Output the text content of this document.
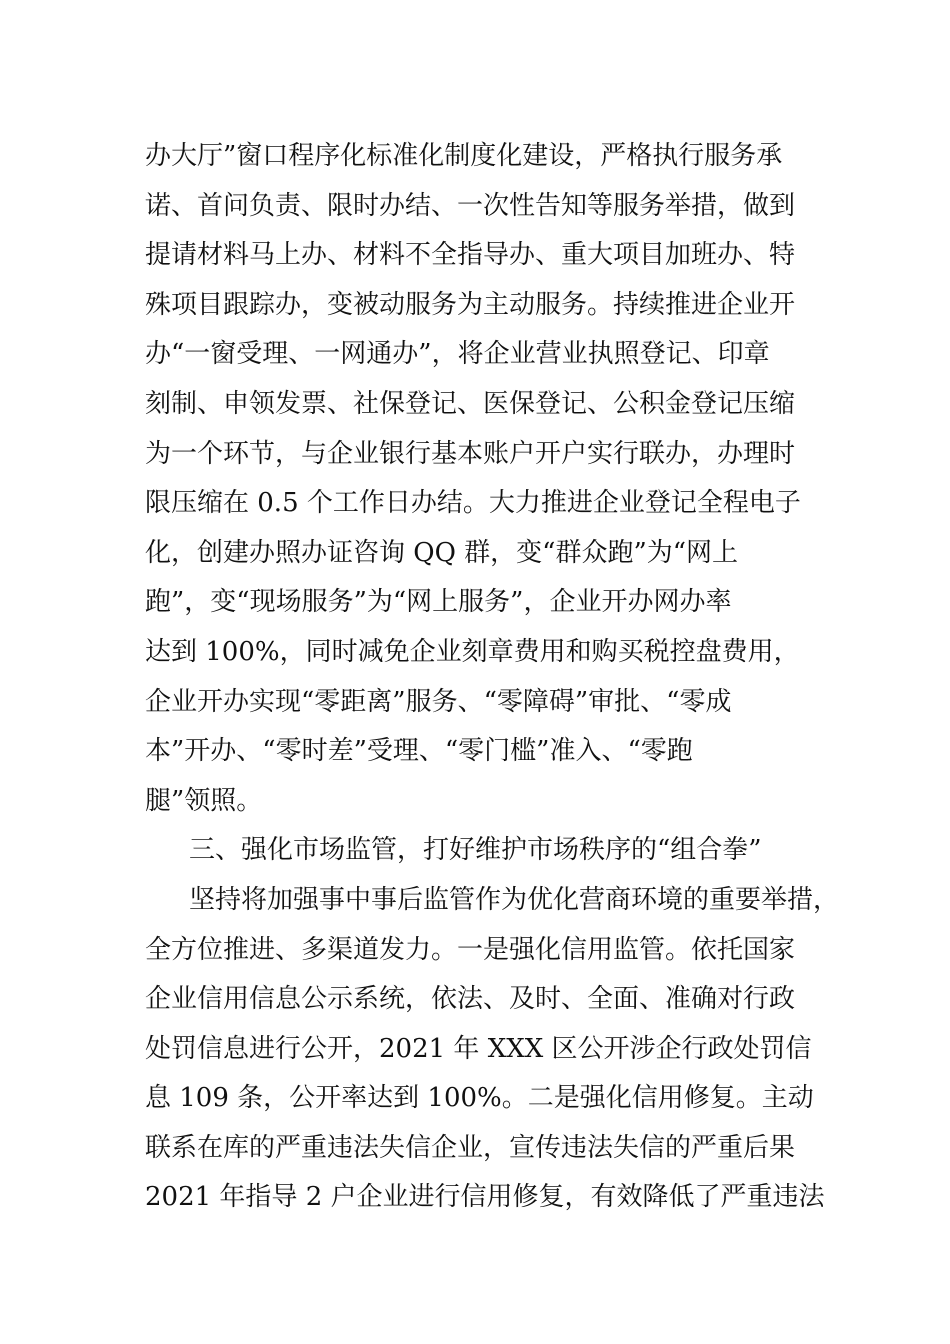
办大厅”窗口程序化标准化制度化建设，严格执行服务承
诺、首问负责、限时办结、一次性告知等服务举措，做到
提请材料马上办、材料不全指导办、重大项目加班办、特
殊项目跟踪办，变被动服务为主动服务。持续推进企业开
办“一窗受理、一网通办”，将企业营业执照登记、印章
刻制、申领发票、社保登记、医保登记、公积金登记压缩
为一个环节，与企业银行基本账户开户实行联办，办理时
限压缩在 0.5 个工作日办结。大力推进企业登记全程电子
化，创建办照办证咨询 QQ 群，变“群众跑”为“网上
跑”，变“现场服务”为“网上服务”，企业开办网办率
达到 100%，同时减免企业刻章费用和购买税控盘费用，
企业开办实现“零距离”服务、“零障碍”审批、“零成
本”开办、“零时差”受理、“零门槛”准入、“零跑
腿”领照。
三、强化市场监管，打好维护市场秩序的“组合拳”
坚持将加强事中事后监管作为优化营商环境的重要举措，
全方位推进、多渠道发力。一是强化信用监管。依托国家
企业信用信息公示系统，依法、及时、全面、准确对行政
处罚信息进行公开，2021 年 XXX 区公开涉企行政处罚信
息 109 条，公开率达到 100%。二是强化信用修复。主动
联系在库的严重违法失信企业，宣传违法失信的严重后果
2021 年指导 2 户企业进行信用修复，有效降低了严重违法
